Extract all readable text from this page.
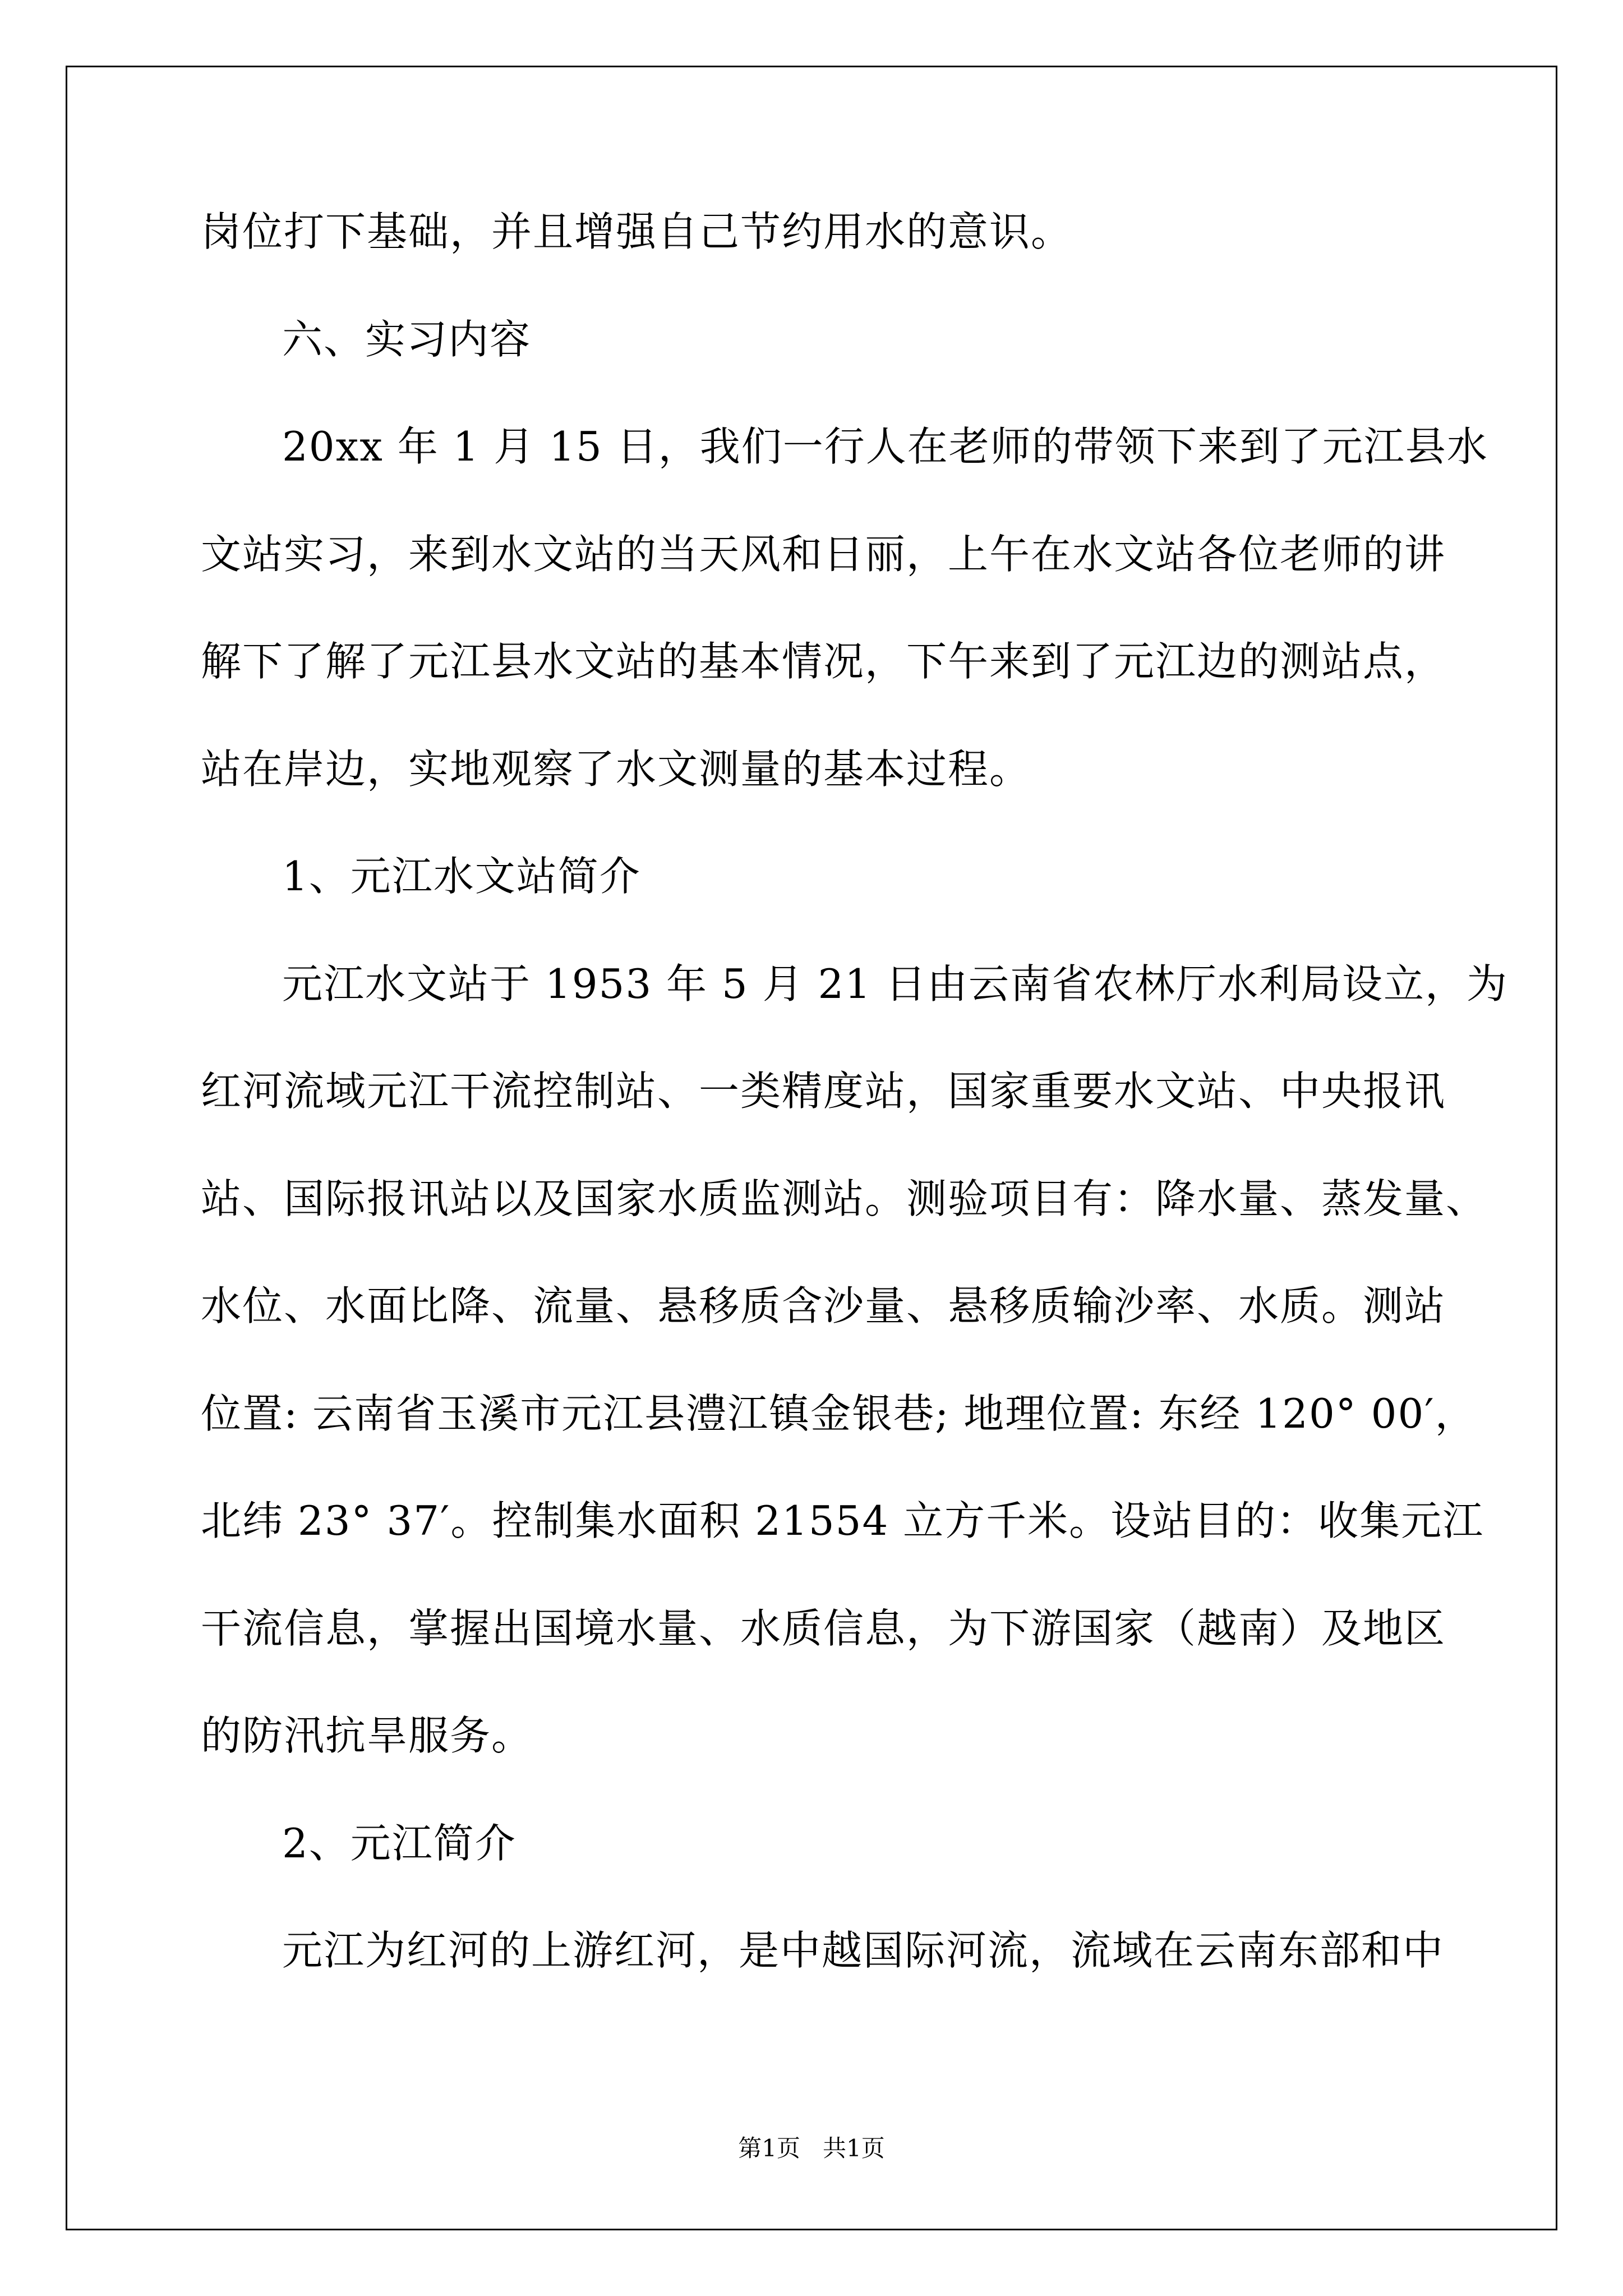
岗位打下基础，并且增强自己节约用水的意识。
六、实习内容
20xx 年 1 月 15 日，我们一行人在老师的带领下来到了元江县水
文站实习，来到水文站的当天风和日丽，上午在水文站各位老师的讲
解下了解了元江县水文站的基本情况，下午来到了元江边的测站点，
站在岸边，实地观察了水文测量的基本过程。
1、元江水文站简介
元江水文站于 1953 年 5 月 21 日由云南省农林厅水利局设立，为
红河流域元江干流控制站、一类精度站，国家重要水文站、中央报讯
站、国际报讯站以及国家水质监测站。测验项目有：降水量、蒸发量、
水位、水面比降、流量、悬移质含沙量、悬移质输沙率、水质。测站
位置: 云南省玉溪市元江县澧江镇金银巷; 地理位置: 东经 120° 00′，
北纬 23° 37′。控制集水面积 21554 立方千米。设站目的：收集元江
干流信息，掌握出国境水量、水质信息，为下游国家（越南）及地区
的防汛抗旱服务。
2、元江简介
元江为红河的上游红河，是中越国际河流，流域在云南东部和中
第1页   共1页
